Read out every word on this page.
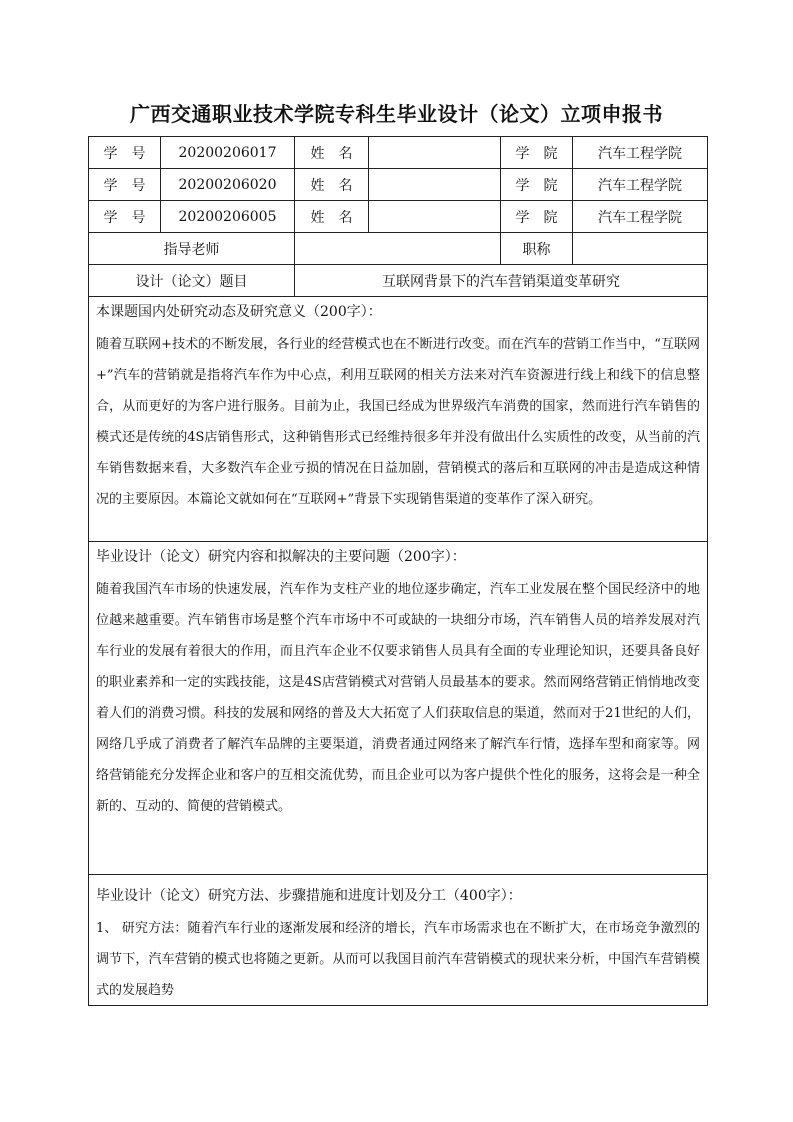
广西交通职业技术学院专科生毕业设计（论文）立项申报书
学　号	20200206017	姓　名		学　院	汽车工程学院
学　号	20200206020	姓　名		学　院	汽车工程学院
学　号	20200206005	姓　名		学　院	汽车工程学院
指导老师				职称	
设计（论文）题目		互联网背景下的汽车营销渠道变革研究			

本课题国内处研究动态及研究意义（200字）：
随着互联网+技术的不断发展，各行业的经营模式也在不断进行改变。而在汽车的营销工作当中，“互联网+”汽车的营销就是指将汽车作为中心点，利用互联网的相关方法来对汽车资源进行线上和线下的信息整合，从而更好的为客户进行服务。目前为止，我国已经成为世界级汽车消费的国家，然而进行汽车销售的模式还是传统的4S店销售形式，这种销售形式已经维持很多年并没有做出什么实质性的改变，从当前的汽车销售数据来看，大多数汽车企业亏损的情况在日益加剧，营销模式的落后和互联网的冲击是造成这种情况的主要原因。本篇论文就如何在“互联网+”背景下实现销售渠道的变革作了深入研究。					

毕业设计（论文）研究内容和拟解决的主要问题（200字）：
随着我国汽车市场的快速发展，汽车作为支柱产业的地位逐步确定，汽车工业发展在整个国民经济中的地位越来越重要。汽车销售市场是整个汽车市场中不可或缺的一块细分市场，汽车销售人员的培养发展对汽车行业的发展有着很大的作用，而且汽车企业不仅要求销售人员具有全面的专业理论知识，还要具备良好的职业素养和一定的实践技能，这是4S店营销模式对营销人员最基本的要求。然而网络营销正悄悄地改变着人们的消费习惯。科技的发展和网络的普及大大拓宽了人们获取信息的渠道，然而对于21世纪的人们，网络几乎成了消费者了解汽车品牌的主要渠道，消费者通过网络来了解汽车行情，选择车型和商家等。网络营销能充分发挥企业和客户的互相交流优势，而且企业可以为客户提供个性化的服务，这将会是一种全新的、互动的、简便的营销模式。					

毕业设计（论文）研究方法、步骤措施和进度计划及分工（400字）：
1、 研究方法：随着汽车行业的逐渐发展和经济的增长，汽车市场需求也在不断扩大，在市场竞争激烈的调节下，汽车营销的模式也将随之更新。从而可以我国目前汽车营销模式的现状来分析，中国汽车营销模式的发展趋势					
